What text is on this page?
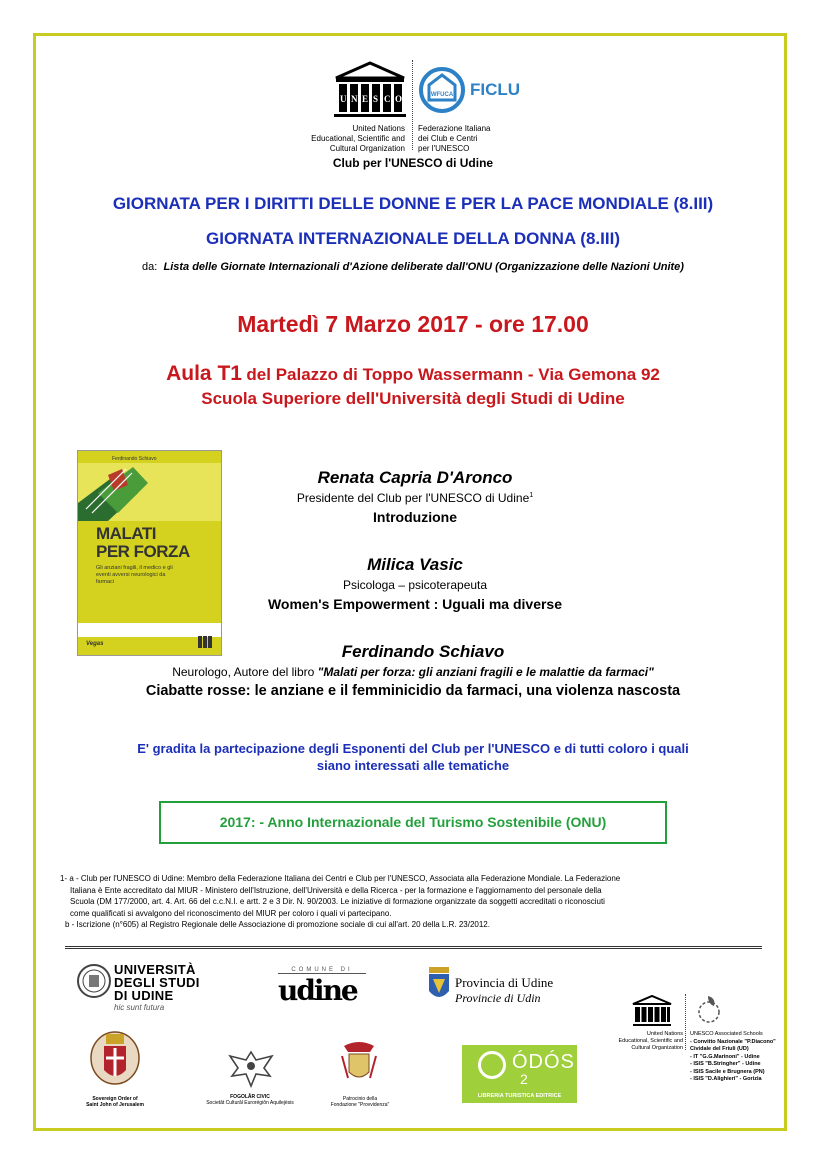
U N E S C O
United Nations
Educational, Scientific and
Cultural Organization
WFUCA FICLU
Federazione Italiana
dei Club e Centri
per l'UNESCO
Club per l'UNESCO di Udine
GIORNATA PER I DIRITTI DELLE DONNE E PER LA PACE MONDIALE (8.III)
GIORNATA INTERNAZIONALE DELLA DONNA (8.III)
da: Lista delle Giornate Internazionali d'Azione deliberate dall'ONU (Organizzazione delle Nazioni Unite)
Martedì 7 Marzo 2017 - ore 17.00
Aula T1 del Palazzo di Toppo Wassermann - Via Gemona 92
Scuola Superiore dell'Università degli Studi di Udine
Ferdinando Schiavo
MALATI
PER FORZA
Gli anziani fragili, il medico e gli eventi avversi neurologici da farmaci
Vegas
Renata Capria D'Aronco
Presidente del Club per l'UNESCO di Udine$^1$
Introduzione
Milica Vasic
Psicologa – psicoterapeuta
Women's Empowerment : Uguali ma diverse
Ferdinando Schiavo
Neurologo, Autore del libro "Malati per forza: gli anziani fragili e le malattie da farmaci"
Ciabatte rosse: le anziane e il femminicidio da farmaci, una violenza nascosta
E' gradita la partecipazione degli Esponenti del Club per l'UNESCO e di tutti coloro i quali
siano interessati alle tematiche
2017: - Anno Internazionale del Turismo Sostenibile (ONU)
1- a - Club per l'UNESCO di Udine: Membro della Federazione Italiana dei Centri e Club per l'UNESCO, Associata alla Federazione Mondiale. La Federazione
Italiana è Ente accreditato dal MIUR - Ministero dell'Istruzione, dell'Università e della Ricerca - per la formazione e l'aggiornamento del personale della
Scuola (DM 177/2000, art. 4. Art. 66 del c.c.N.I. e artt. 2 e 3 Dir. N. 90/2003. Le iniziative di formazione organizzate da soggetti accreditati o riconosciuti
come qualificati si avvalgono del riconoscimento del MIUR per coloro i quali vi partecipano.
b - Iscrizione (n°605) al Registro Regionale delle Associazione di promozione sociale di cui all'art. 20 della L.R. 23/2012.
UNIVERSITÀ
DEGLI STUDI
DI UDINE
hic sunt futura
COMUNE DI
udine	Provincia di Udine
Provincie di Udin
United Nations
Educational, Scientific and
Cultural Organization
UNESCO Associated Schools
- Convitto Nazionale "P.Diacono"
Cividale del Friuli (UD)
- IT "G.G.Marinoni" - Udine
- ISIS "B.Stringher" - Udine
- ISIS Sacile e Brugnera (PN)
- ISIS "D.Alighieri" - Gorizia
Sovereign Order of
Saint John of Jerusalem
FOGOLÂR CIVIC
Societât Culturâl Eurorégiôn Aquilejèsis
Patrocinio della
Fondazione "Provvidenza"
ÓDÓS
2
LIBRERIA TURISTICA EDITRICE
